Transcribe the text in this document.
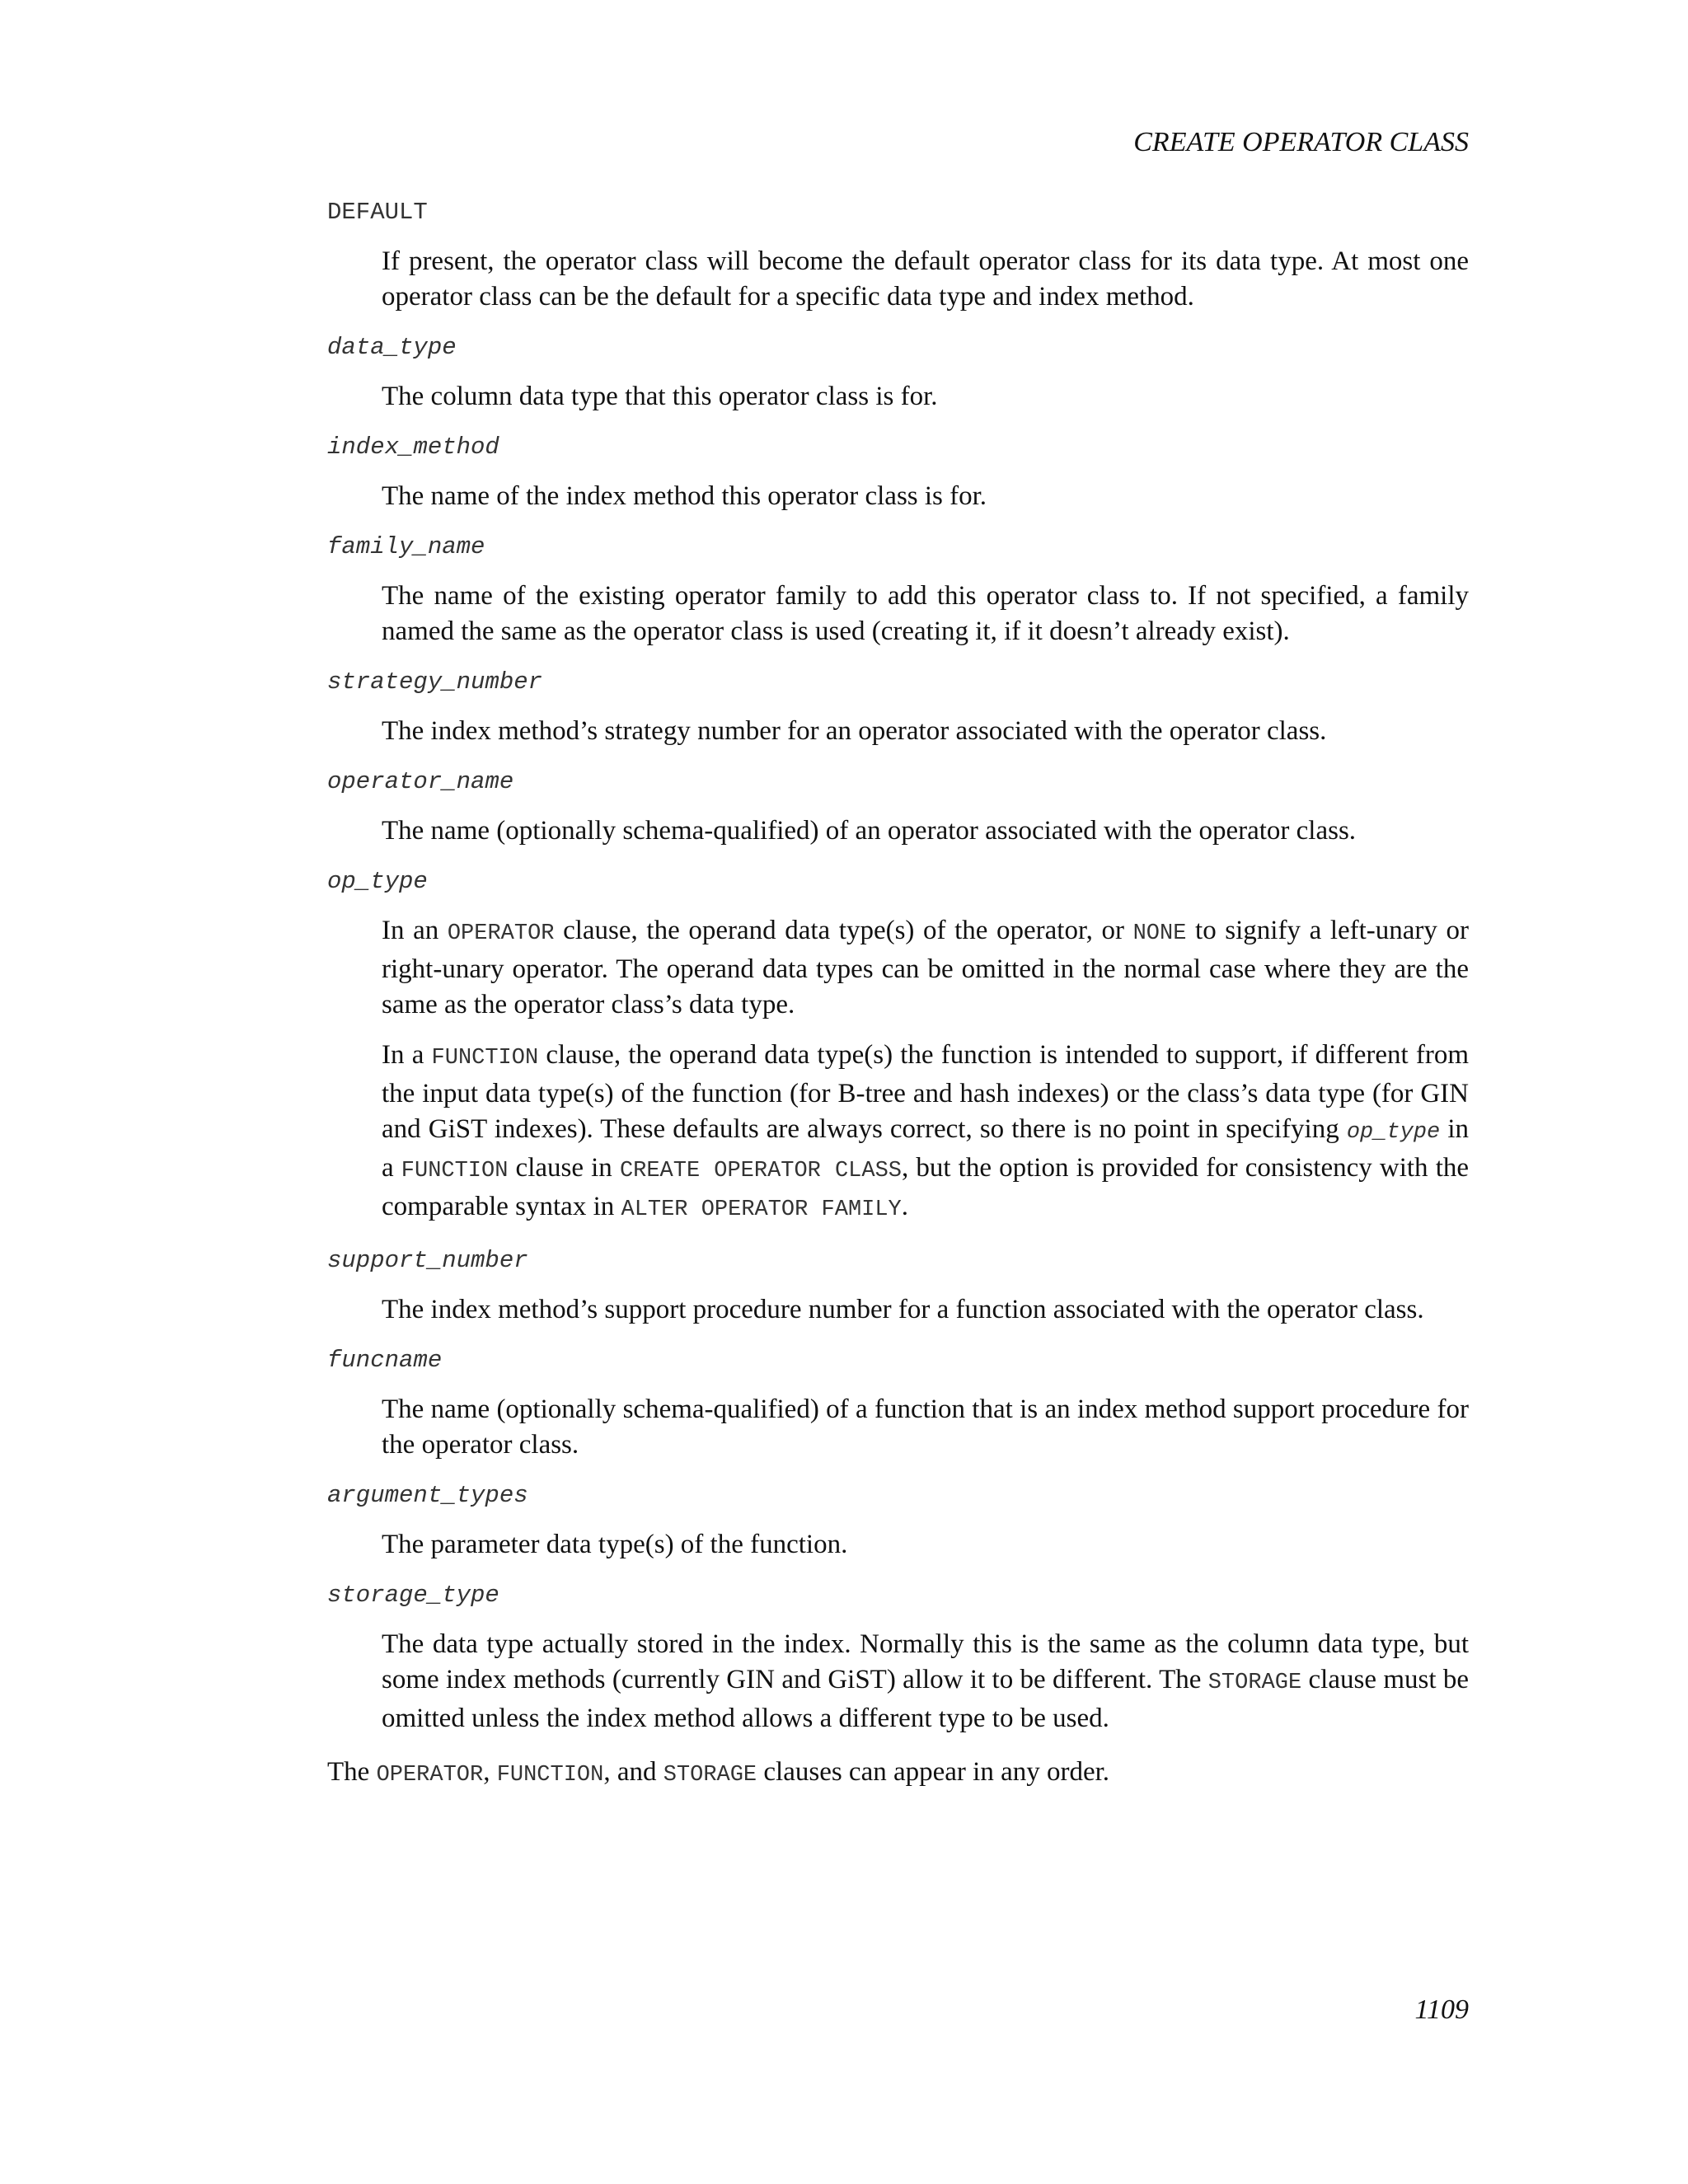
CREATE OPERATOR CLASS
DEFAULT

If present, the operator class will become the default operator class for its data type. At most one operator class can be the default for a specific data type and index method.

data_type

The column data type that this operator class is for.

index_method

The name of the index method this operator class is for.

family_name

The name of the existing operator family to add this operator class to. If not specified, a family named the same as the operator class is used (creating it, if it doesn’t already exist).

strategy_number

The index method’s strategy number for an operator associated with the operator class.

operator_name

The name (optionally schema-qualified) of an operator associated with the operator class.

op_type

In an OPERATOR clause, the operand data type(s) of the operator, or NONE to signify a left-unary or right-unary operator. The operand data types can be omitted in the normal case where they are the same as the operator class’s data type.

In a FUNCTION clause, the operand data type(s) the function is intended to support, if different from the input data type(s) of the function (for B-tree and hash indexes) or the class’s data type (for GIN and GiST indexes). These defaults are always correct, so there is no point in specifying op_type in a FUNCTION clause in CREATE OPERATOR CLASS, but the option is provided for consistency with the comparable syntax in ALTER OPERATOR FAMILY.

support_number

The index method’s support procedure number for a function associated with the operator class.

funcname

The name (optionally schema-qualified) of a function that is an index method support procedure for the operator class.

argument_types

The parameter data type(s) of the function.

storage_type

The data type actually stored in the index. Normally this is the same as the column data type, but some index methods (currently GIN and GiST) allow it to be different. The STORAGE clause must be omitted unless the index method allows a different type to be used.

The OPERATOR, FUNCTION, and STORAGE clauses can appear in any order.

1109
